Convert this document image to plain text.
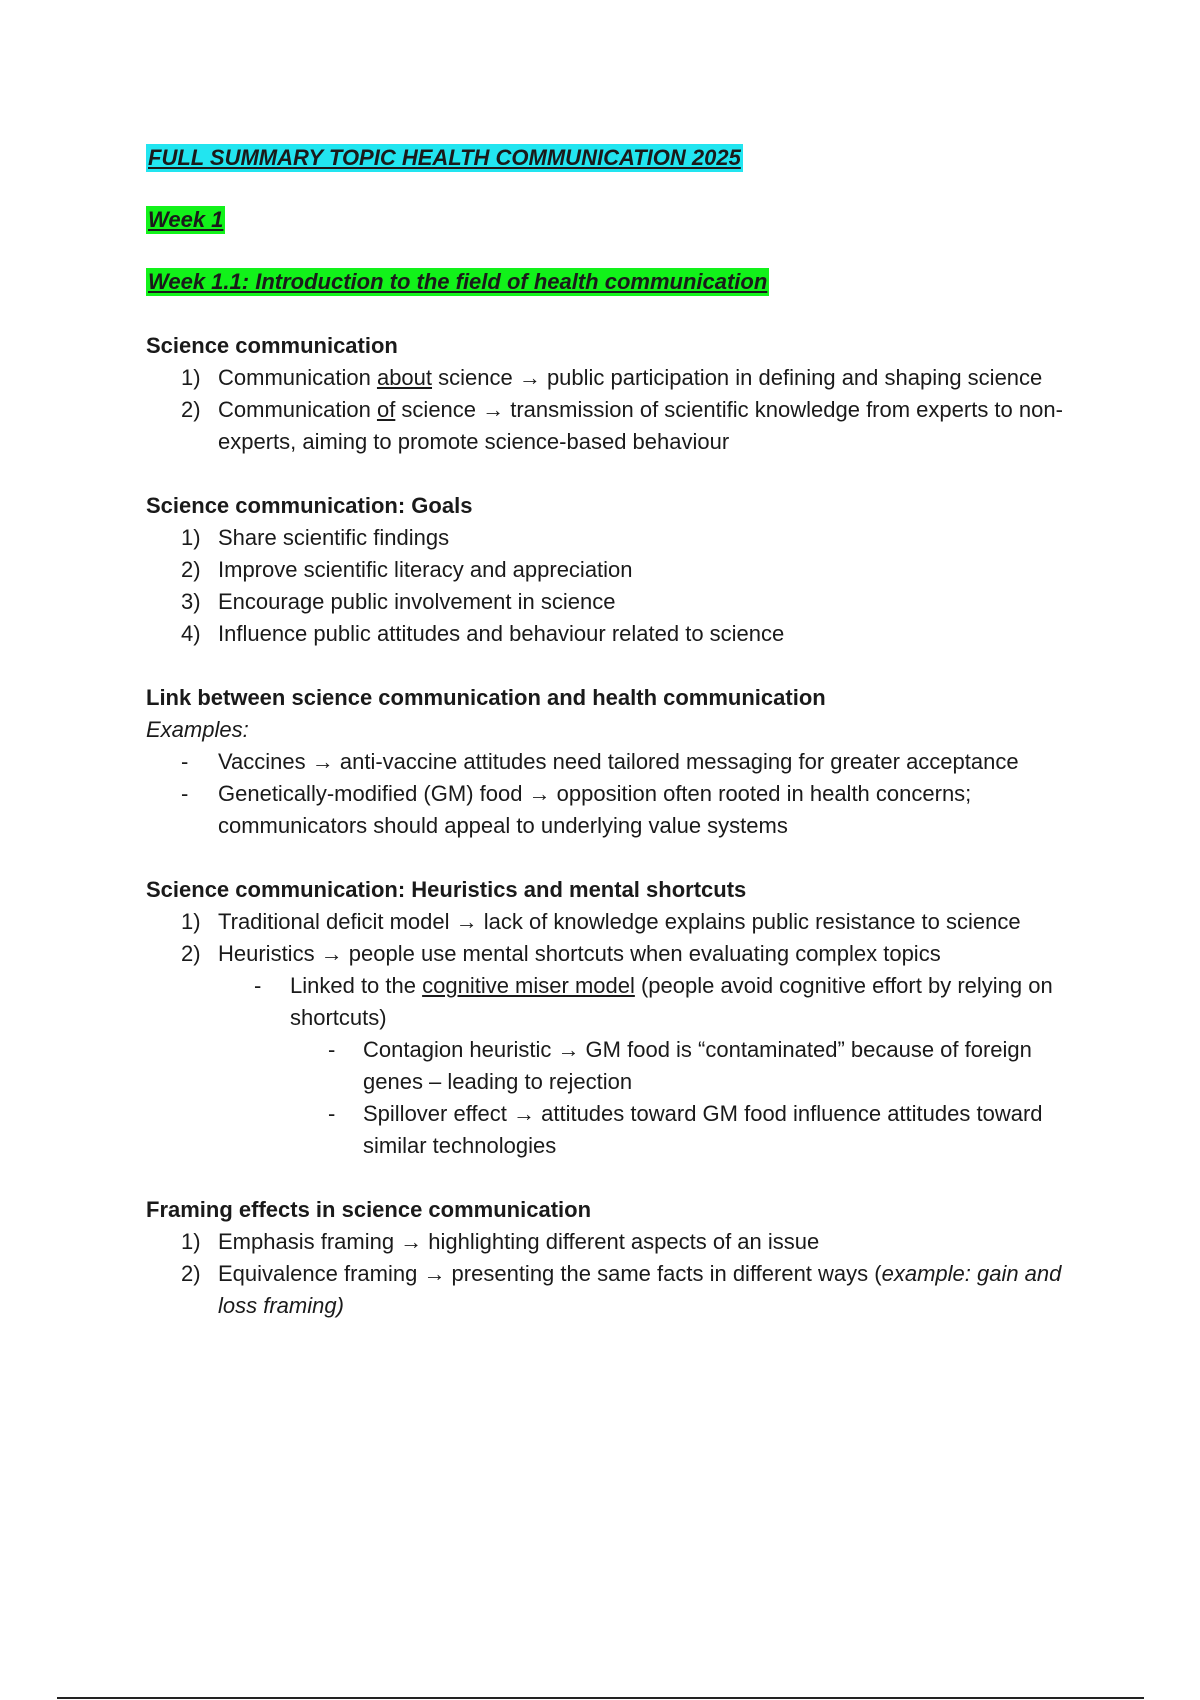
FULL SUMMARY TOPIC HEALTH COMMUNICATION 2025
Week 1
Week 1.1: Introduction to the field of health communication

Science communication

1) Communication about science → public participation in defining and shaping science
2) Communication of science → transmission of scientific knowledge from experts to non-experts, aiming to promote science-based behaviour

Science communication: Goals

1) Share scientific findings
2) Improve scientific literacy and appreciation
3) Encourage public involvement in science
4) Influence public attitudes and behaviour related to science

Link between science communication and health communication

Examples:

- Vaccines → anti-vaccine attitudes need tailored messaging for greater acceptance
- Genetically-modified (GM) food → opposition often rooted in health concerns; communicators should appeal to underlying value systems

Science communication: Heuristics and mental shortcuts

1) Traditional deficit model → lack of knowledge explains public resistance to science
2) Heuristics → people use mental shortcuts when evaluating complex topics
- Linked to the cognitive miser model (people avoid cognitive effort by relying on shortcuts)
- Contagion heuristic → GM food is “contaminated” because of foreign genes – leading to rejection
- Spillover effect → attitudes toward GM food influence attitudes toward similar technologies

Framing effects in science communication

1) Emphasis framing → highlighting different aspects of an issue
2) Equivalence framing → presenting the same facts in different ways (example: gain and loss framing)
